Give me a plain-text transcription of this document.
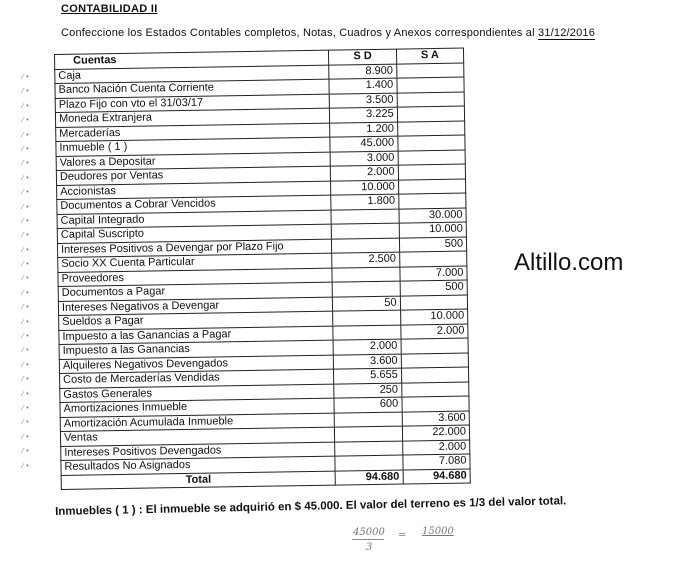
CONTABILIDAD II
Confeccione los Estados Contables completos, Notas, Cuadros y Anexos correspondientes al 31/12/2016
⁄ •
⁄ •
⁄ •
⁄ •
⁄ •
⁄ •
⁄ •
⁄ •
⁄ •
⁄ •
⁄ •
⁄ •
⁄ •
⁄ •
⁄ •
⁄ •
⁄ •
⁄ •
⁄ •
⁄ •
⁄ •
⁄ •
⁄ •
⁄ •
⁄ •
⁄ •
⁄ •
⁄ •
Cuentas	S D	S A
Caja	8.900	
Banco Nación Cuenta Corriente	1.400	
Plazo Fijo con vto el 31/03/17	3.500	
Moneda Extranjera	3.225	
Mercaderías	1.200	
Inmueble ( 1 )	45.000	
Valores a Depositar	3.000	
Deudores por Ventas	2.000	
Accionistas	10.000	
Documentos a Cobrar Vencidos	1.800	
Capital Integrado		30.000
Capital Suscripto		10.000
Intereses Positivos a Devengar por Plazo Fijo		500
Socio XX Cuenta Particular	2.500	
Proveedores		7.000
Documentos a Pagar		500
Intereses Negativos a Devengar	50	
Sueldos a Pagar		10.000
Impuesto a las Ganancias a Pagar		2.000
Impuesto a las Ganancias	2.000	
Alquileres Negativos Devengados	3.600	
Costo de Mercaderías Vendidas	5.655	
Gastos Generales	250	
Amortizaciones Inmueble	600	
Amortización Acumulada Inmueble		3.600
Ventas		22.000
Intereses Positivos Devengados		2.000
Resultados No Asignados		7.080
Total	94.680	94.680
Altillo.com
Inmuebles ( 1 ) : El inmueble se adquirió en $ 45.000. El valor del terreno es 1/3 del valor total.
45000
3
= 15000
